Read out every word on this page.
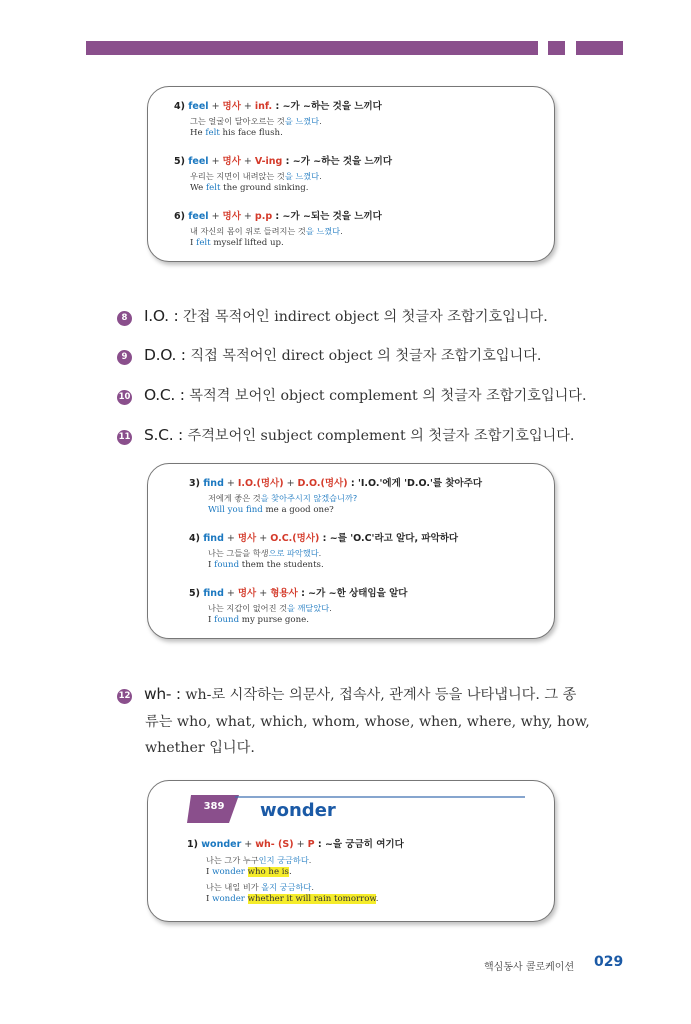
4) feel + 명사 + inf. : ~가 ~하는 것을 느끼다
그는 얼굴이 달아오르는 것을 느꼈다.
He felt his face flush.
5) feel + 명사 + V-ing : ~가 ~하는 것을 느끼다
우리는 지면이 내려앉는 것을 느꼈다.
We felt the ground sinking.
6) feel + 명사 + p.p : ~가 ~되는 것을 느끼다
내 자신의 몸이 위로 들려지는 것을 느꼈다.
I felt myself lifted up.
8 I.O. : 간접 목적어인 indirect object 의 첫글자 조합기호입니다.
9 D.O. : 직접 목적어인 direct object 의 첫글자 조합기호입니다.
10 O.C. : 목적격 보어인 object complement 의 첫글자 조합기호입니다.
11 S.C. : 주격보어인 subject complement 의 첫글자 조합기호입니다.
3) find + I.O.(명사) + D.O.(명사) : 'I.O.'에게 'D.O.'를 찾아주다
저에게 좋은 것을 찾아주시지 않겠습니까?
Will you find me a good one?
4) find + 명사 + O.C.(명사) : ~를 'O.C'라고 알다, 파악하다
나는 그들을 학생으로 파악했다.
I found them the students.
5) find + 명사 + 형용사 : ~가 ~한 상태임을 알다
나는 지갑이 없어진 것을 깨달았다.
I found my purse gone.
12 wh- : wh-로 시작하는 의문사, 접속사, 관계사 등을 나타냅니다. 그 종
류는 who, what, which, whom, whose, when, where, why, how,
whether 입니다.
389	wonder
1) wonder + wh- (S) + P : ~을 궁금히 여기다
나는 그가 누구인지 궁금하다.
I wonder who he is.
나는 내일 비가 올지 궁금하다.
I wonder whether it will rain tomorrow.
핵심동사 콜로케이션 029
